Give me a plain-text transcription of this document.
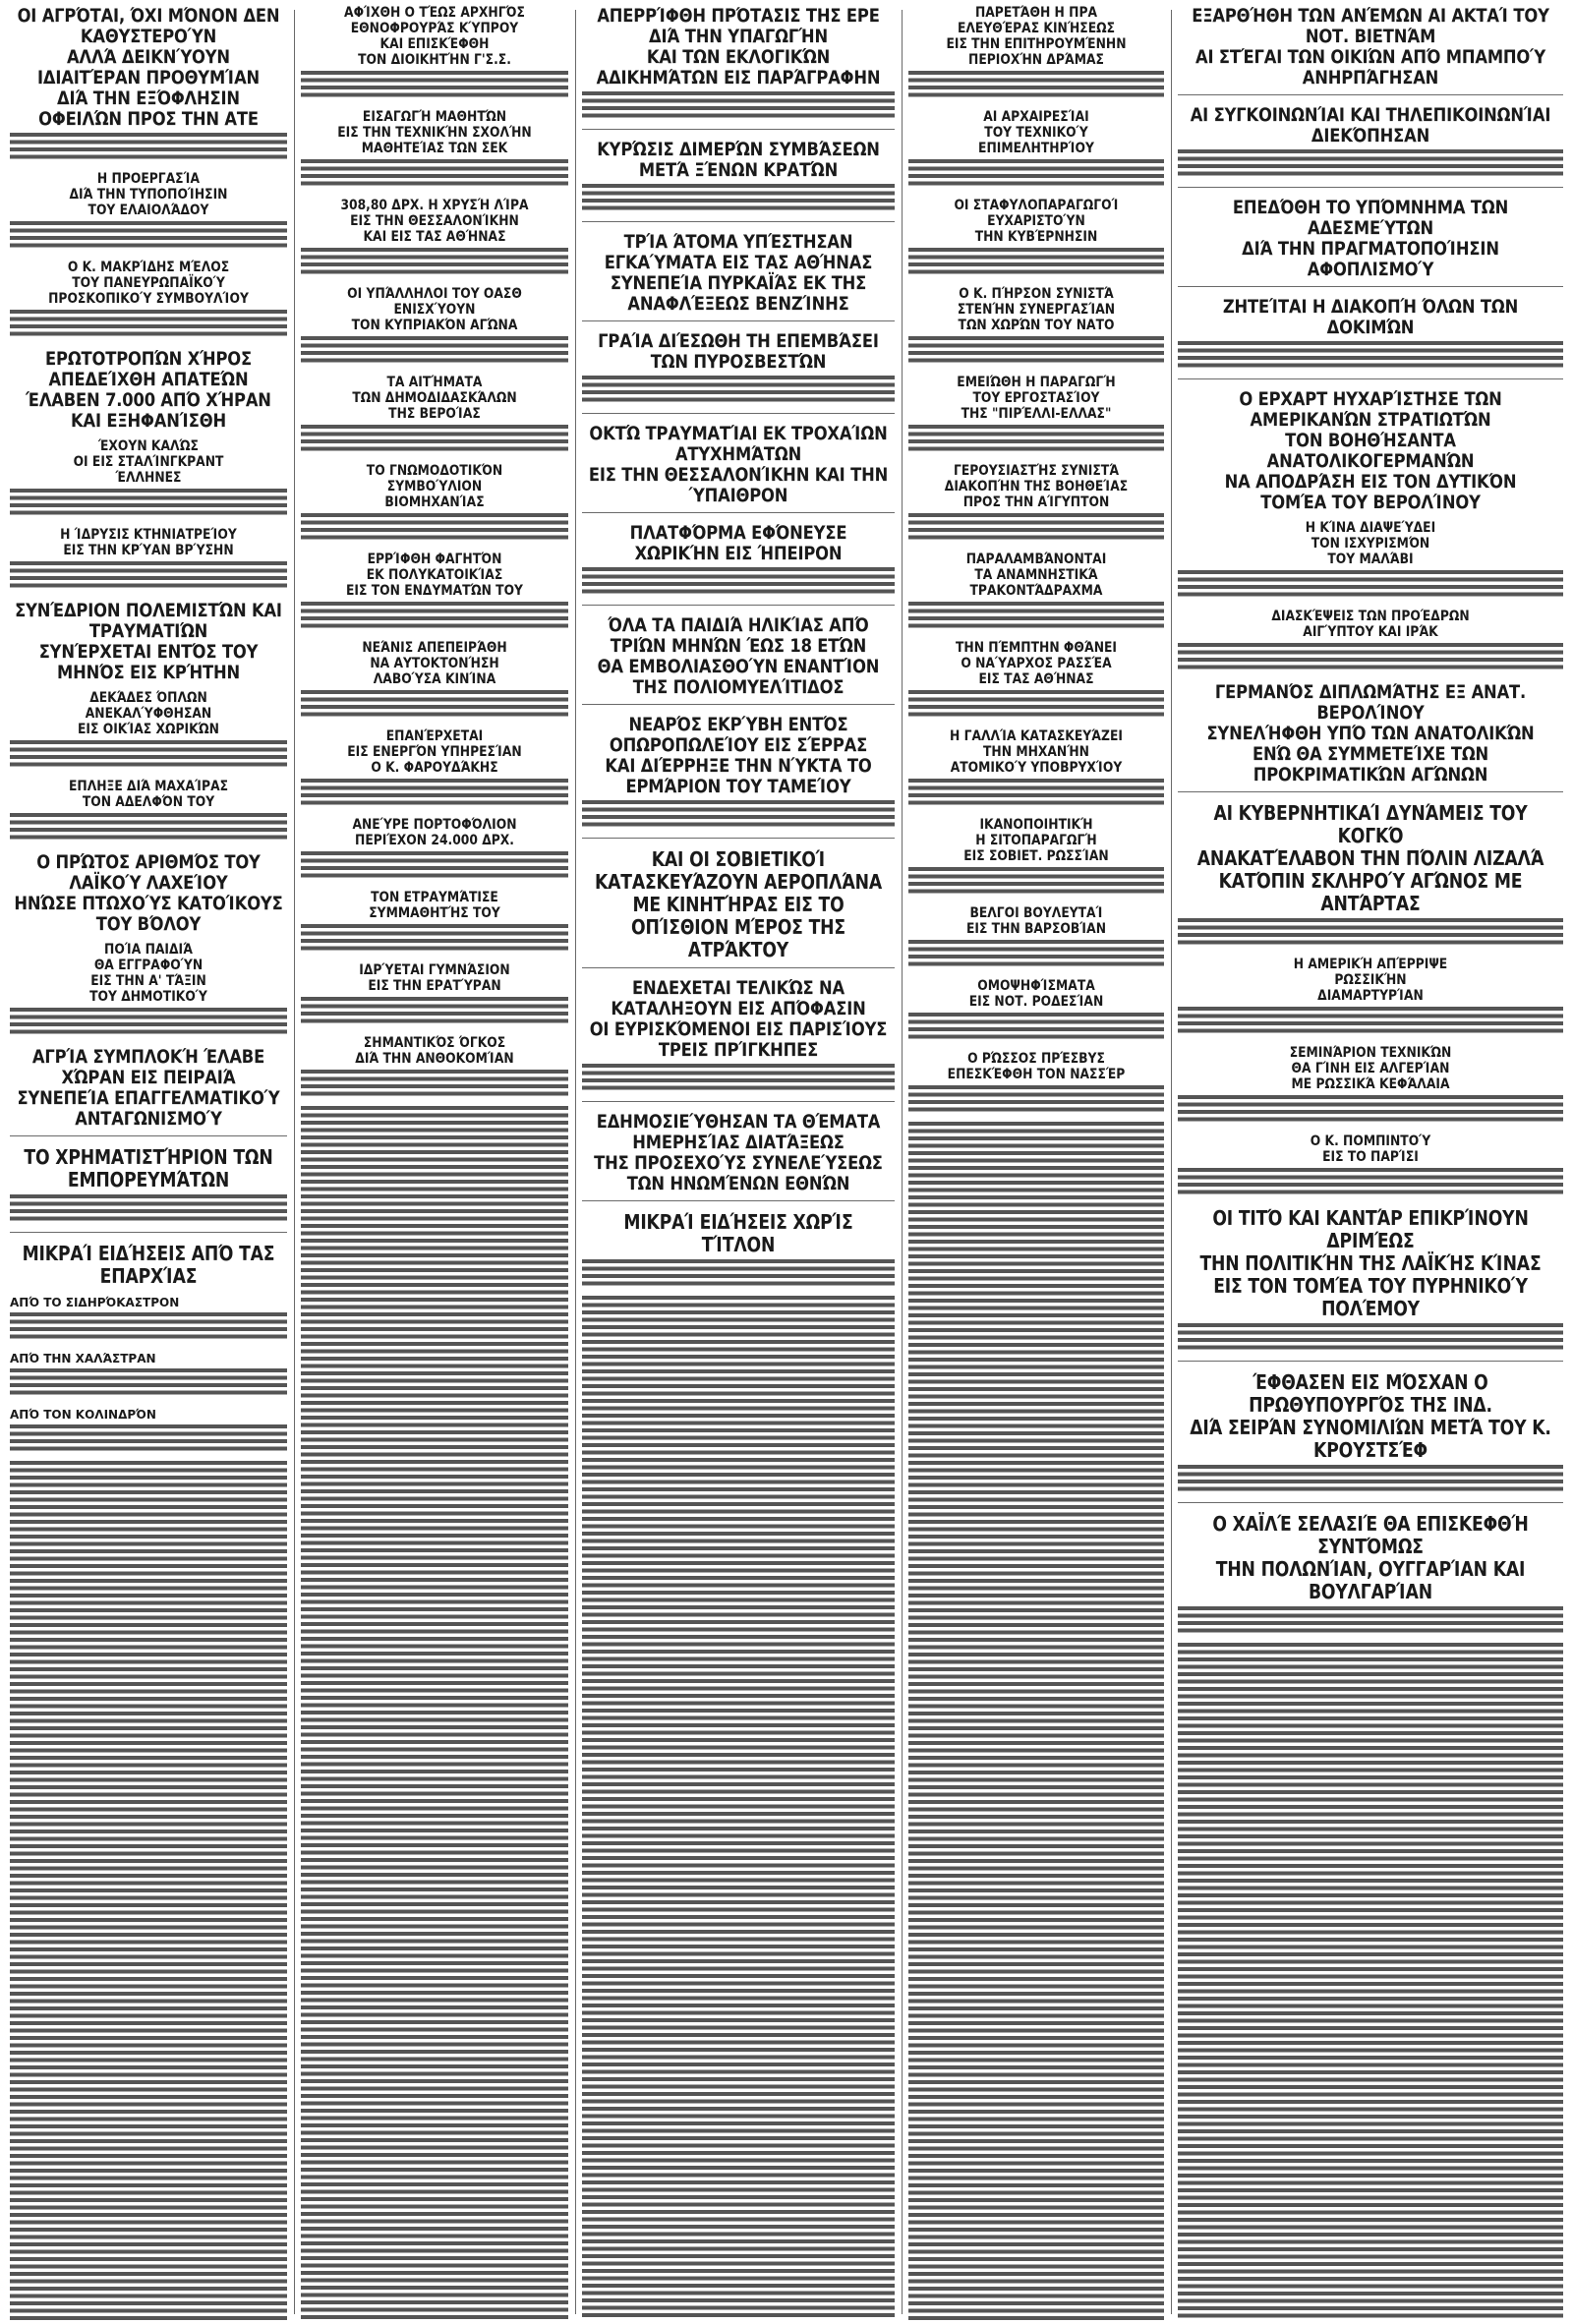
ΟΙ ΑΓΡΌΤΑΙ, ΌΧΙ ΜΌΝΟΝ ΔΕΝ ΚΑΘΥΣΤΕΡΟΎΝ
ΑΛΛΆ ΔΕΙΚΝΎΟΥΝ ΙΔΙΑΙΤΈΡΑΝ ΠΡΟΘΥΜΊΑΝ
ΔΙΆ ΤΗΝ ΕΞΌΦΛΗΣΙΝ ΟΦΕΙΛΏΝ ΠΡΟΣ ΤΗΝ ΑΤΕ
Η ΠΡΟΕΡΓΑΣΊΑ
ΔΙΆ ΤΗΝ ΤΥΠΟΠΟΊΗΣΙΝ
ΤΟΥ ΕΛΑΙΟΛΆΔΟΥ
Ο Κ. ΜΑΚΡΊΔΗΣ ΜΈΛΟΣ
ΤΟΥ ΠΑΝΕΥΡΩΠΑΪΚΟΎ
ΠΡΟΣΚΟΠΙΚΟΎ ΣΥΜΒΟΥΛΊΟΥ
ΕΡΩΤΟΤΡΟΠΏΝ ΧΉΡΟΣ ΑΠΕΔΕΊΧΘΗ ΑΠΑΤΕΏΝ
ΈΛΑΒΕΝ 7.000 ΑΠΌ ΧΉΡΑΝ ΚΑΙ ΕΞΗΦΑΝΊΣΘΗ
ΈΧΟΥΝ ΚΑΛΏΣ
ΟΙ ΕΙΣ ΣΤΑΛΊΝΓΚΡΑΝΤ
ΈΛΛΗΝΕΣ
Η ΊΔΡΥΣΙΣ ΚΤΗΝΙΑΤΡΕΊΟΥ
ΕΙΣ ΤΗΝ ΚΡΎΑΝ ΒΡΎΣΗΝ
ΣΥΝΈΔΡΙΟΝ ΠΟΛΕΜΙΣΤΏΝ ΚΑΙ ΤΡΑΥΜΑΤΙΏΝ
ΣΥΝΈΡΧΕΤΑΙ ΕΝΤΌΣ ΤΟΥ ΜΗΝΌΣ ΕΙΣ ΚΡΉΤΗΝ
ΔΕΚΆΔΕΣ ΌΠΛΩΝ
ΑΝΕΚΑΛΎΦΘΗΣΑΝ
ΕΙΣ ΟΙΚΊΑΣ ΧΩΡΙΚΏΝ
ΕΠΛΗΞΕ ΔΙΆ ΜΑΧΑΊΡΑΣ
ΤΟΝ ΑΔΕΛΦΌΝ ΤΟΥ
Ο ΠΡΏΤΟΣ ΑΡΙΘΜΌΣ ΤΟΥ ΛΑΪΚΟΎ ΛΑΧΕΊΟΥ
ΗΝΏΣΕ ΠΤΩΧΟΎΣ ΚΑΤΟΊΚΟΥΣ ΤΟΥ ΒΌΛΟΥ
ΠΟΊΑ ΠΑΙΔΙΆ
ΘΑ ΕΓΓΡΑΦΟΎΝ
ΕΙΣ ΤΗΝ Α' ΤΆΞΙΝ
ΤΟΥ ΔΗΜΟΤΙΚΟΎ
ΑΓΡΊΑ ΣΥΜΠΛΟΚΉ ΈΛΑΒΕ ΧΏΡΑΝ ΕΙΣ ΠΕΙΡΑΙΆ
ΣΥΝΕΠΕΊΑ ΕΠΑΓΓΕΛΜΑΤΙΚΟΎ ΑΝΤΑΓΩΝΙΣΜΟΎ
ΤΟ ΧΡΗΜΑΤΙΣΤΉΡΙΟΝ ΤΩΝ ΕΜΠΟΡΕΥΜΆΤΩΝ
ΜΙΚΡΑΊ ΕΙΔΉΣΕΙΣ ΑΠΌ ΤΑΣ ΕΠΑΡΧΊΑΣ
ΑΠΌ ΤΟ ΣΙΔΗΡΌΚΑΣΤΡΟΝ
ΑΠΌ ΤΗΝ ΧΑΛΆΣΤΡΑΝ
ΑΠΌ ΤΟΝ ΚΟΛΙΝΔΡΌΝ
ΑΦΊΧΘΗ Ο ΤΈΩΣ ΑΡΧΗΓΌΣ
ΕΘΝΟΦΡΟΥΡΆΣ ΚΎΠΡΟΥ
ΚΑΙ ΕΠΙΣΚΈΦΘΗ
ΤΟΝ ΔΙΟΙΚΗΤΉΝ Γ'Σ.Σ.
ΕΙΣΑΓΩΓΉ ΜΑΘΗΤΏΝ
ΕΙΣ ΤΗΝ ΤΕΧΝΙΚΉΝ ΣΧΟΛΉΝ
ΜΑΘΗΤΕΊΑΣ ΤΩΝ ΣΕΚ
308,80 ΔΡΧ. Η ΧΡΥΣΉ ΛΊΡΑ
ΕΙΣ ΤΗΝ ΘΕΣΣΑΛΟΝΊΚΗΝ
ΚΑΙ ΕΙΣ ΤΑΣ ΑΘΉΝΑΣ
ΟΙ ΥΠΆΛΛΗΛΟΙ ΤΟΥ ΟΑΣΘ
ΕΝΙΣΧΎΟΥΝ
ΤΟΝ ΚΥΠΡΙΑΚΌΝ ΑΓΏΝΑ
ΤΑ ΑΙΤΉΜΑΤΑ
ΤΩΝ ΔΗΜΟΔΙΔΑΣΚΆΛΩΝ
ΤΗΣ ΒΕΡΟΊΑΣ
ΤΟ ΓΝΩΜΟΔΟΤΙΚΌΝ
ΣΥΜΒΟΎΛΙΟΝ
ΒΙΟΜΗΧΑΝΊΑΣ
ΕΡΡΊΦΘΗ ΦΑΓΗΤΌΝ
ΕΚ ΠΟΛΥΚΑΤΟΙΚΊΑΣ
ΕΙΣ ΤΟΝ ΕΝΔΥΜΑΤΏΝ ΤΟΥ
ΝΕΆΝΙΣ ΑΠΕΠΕΙΡΆΘΗ
ΝΑ ΑΥΤΟΚΤΟΝΉΣΗ
ΛΑΒΟΎΣΑ ΚΙΝΊΝΑ
ΕΠΑΝΈΡΧΕΤΑΙ
ΕΙΣ ΕΝΕΡΓΌΝ ΥΠΗΡΕΣΊΑΝ
Ο Κ. ΦΑΡΟΥΔΆΚΗΣ
ΑΝΕΎΡΕ ΠΟΡΤΟΦΌΛΙΟΝ
ΠΕΡΙΈΧΟΝ 24.000 ΔΡΧ.
ΤΟΝ ΕΤΡΑΥΜΆΤΙΣΕ
ΣΥΜΜΑΘΗΤΉΣ ΤΟΥ
ΙΔΡΎΕΤΑΙ ΓΥΜΝΆΣΙΟΝ
ΕΙΣ ΤΗΝ ΕΡΑΤΎΡΑΝ
ΣΗΜΑΝΤΙΚΌΣ ΌΓΚΟΣ
ΔΙΆ ΤΗΝ ΑΝΘΟΚΟΜΊΑΝ
ΑΠΕΡΡΊΦΘΗ ΠΡΌΤΑΣΙΣ ΤΗΣ ΕΡΕ ΔΙΆ ΤΗΝ ΥΠΑΓΩΓΉΝ
ΚΑΙ ΤΩΝ ΕΚΛΟΓΙΚΏΝ ΑΔΙΚΗΜΆΤΩΝ ΕΙΣ ΠΑΡΆΓΡΑΦΗΝ
ΚΥΡΏΣΙΣ ΔΙΜΕΡΏΝ ΣΥΜΒΆΣΕΩΝ ΜΕΤΆ ΞΈΝΩΝ ΚΡΑΤΏΝ
ΤΡΊΑ ΆΤΟΜΑ ΥΠΈΣΤΗΣΑΝ ΕΓΚΑΎΜΑΤΑ ΕΙΣ ΤΑΣ ΑΘΉΝΑΣ
ΣΥΝΕΠΕΊΑ ΠΥΡΚΑΪΆΣ ΕΚ ΤΗΣ ΑΝΑΦΛΈΞΕΩΣ ΒΕΝΖΊΝΗΣ
ΓΡΑΊΑ ΔΙΈΣΩΘΗ ΤΗ ΕΠΕΜΒΆΣΕΙ ΤΩΝ ΠΥΡΟΣΒΕΣΤΏΝ
ΟΚΤΏ ΤΡΑΥΜΑΤΊΑΙ ΕΚ ΤΡΟΧΑΊΩΝ ΑΤΥΧΗΜΆΤΩΝ
ΕΙΣ ΤΗΝ ΘΕΣΣΑΛΟΝΊΚΗΝ ΚΑΙ ΤΗΝ ΎΠΑΙΘΡΟΝ
ΠΛΑΤΦΌΡΜΑ ΕΦΌΝΕΥΣΕ ΧΩΡΙΚΉΝ ΕΙΣ ΉΠΕΙΡΟΝ
ΌΛΑ ΤΑ ΠΑΙΔΙΆ ΗΛΙΚΊΑΣ ΑΠΌ ΤΡΙΏΝ ΜΗΝΏΝ ΈΩΣ 18 ΕΤΏΝ
ΘΑ ΕΜΒΟΛΙΑΣΘΟΎΝ ΕΝΑΝΤΊΟΝ ΤΗΣ ΠΟΛΙΟΜΥΕΛΊΤΙΔΟΣ
ΝΕΑΡΌΣ ΕΚΡΎΒΗ ΕΝΤΌΣ ΟΠΩΡΟΠΩΛΕΊΟΥ ΕΙΣ ΣΈΡΡΑΣ
ΚΑΙ ΔΙΈΡΡΗΞΕ ΤΗΝ ΝΎΚΤΑ ΤΟ ΕΡΜΆΡΙΟΝ ΤΟΥ ΤΑΜΕΊΟΥ
ΚΑΙ ΟΙ ΣΟΒΙΕΤΙΚΟΊ ΚΑΤΑΣΚΕΥΆΖΟΥΝ ΑΕΡΟΠΛΆΝΑ
ΜΕ ΚΙΝΗΤΉΡΑΣ ΕΙΣ ΤΟ ΟΠΊΣΘΙΟΝ ΜΈΡΟΣ ΤΗΣ ΑΤΡΆΚΤΟΥ
ΕΝΔΕΧΕΤΑΙ ΤΕΛΙΚΏΣ ΝΑ ΚΑΤΑΛΗΞΟΥΝ ΕΙΣ ΑΠΌΦΑΣΙΝ
ΟΙ ΕΥΡΙΣΚΌΜΕΝΟΙ ΕΙΣ ΠΑΡΙΣΊΟΥΣ ΤΡΕΙΣ ΠΡΊΓΚΗΠΕΣ
ΕΔΗΜΟΣΙΕΎΘΗΣΑΝ ΤΑ ΘΈΜΑΤΑ ΗΜΕΡΗΣΊΑΣ ΔΙΑΤΆΞΕΩΣ
ΤΗΣ ΠΡΟΣΕΧΟΎΣ ΣΥΝΕΛΕΎΣΕΩΣ ΤΩΝ ΗΝΩΜΈΝΩΝ ΕΘΝΏΝ
ΜΙΚΡΑΊ ΕΙΔΉΣΕΙΣ ΧΩΡΊΣ ΤΊΤΛΟΝ
ΠΑΡΕΤΆΘΗ Η ΠΡΑ
ΕΛΕΥΘΈΡΑΣ ΚΙΝΉΣΕΩΣ
ΕΙΣ ΤΗΝ ΕΠΙΤΗΡΟΥΜΈΝΗΝ
ΠΕΡΙΟΧΉΝ ΔΡΆΜΑΣ
ΑΙ ΑΡΧΑΙΡΕΣΊΑΙ
ΤΟΥ ΤΕΧΝΙΚΟΎ
ΕΠΙΜΕΛΗΤΗΡΊΟΥ
ΟΙ ΣΤΑΦΥΛΟΠΑΡΑΓΩΓΟΊ
ΕΥΧΑΡΙΣΤΟΎΝ
ΤΗΝ ΚΥΒΈΡΝΗΣΙΝ
Ο Κ. ΠΉΡΣΟΝ ΣΥΝΙΣΤΆ
ΣΤΕΝΉΝ ΣΥΝΕΡΓΑΣΊΑΝ
ΤΩΝ ΧΩΡΏΝ ΤΟΥ ΝΑΤΟ
ΕΜΕΙΏΘΗ Η ΠΑΡΑΓΩΓΉ
ΤΟΥ ΕΡΓΟΣΤΑΣΊΟΥ
ΤΗΣ "ΠΙΡΈΛΛΙ-ΕΛΛΑΣ"
ΓΕΡΟΥΣΙΑΣΤΉΣ ΣΥΝΙΣΤΆ
ΔΙΑΚΟΠΉΝ ΤΗΣ ΒΟΗΘΕΊΑΣ
ΠΡΟΣ ΤΗΝ ΑΊΓΥΠΤΟΝ
ΠΑΡΑΛΑΜΒΆΝΟΝΤΑΙ
ΤΑ ΑΝΑΜΝΗΣΤΙΚΆ
ΤΡΑΚΟΝΤΆΔΡΑΧΜΑ
ΤΗΝ ΠΈΜΠΤΗΝ ΦΘΆΝΕΙ
Ο ΝΑΎΑΡΧΟΣ ΡΑΣΣΈΑ
ΕΙΣ ΤΑΣ ΑΘΉΝΑΣ
Η ΓΑΛΛΊΑ ΚΑΤΑΣΚΕΥΆΖΕΙ
ΤΗΝ ΜΗΧΑΝΉΝ
ΑΤΟΜΙΚΟΎ ΥΠΟΒΡΥΧΊΟΥ
ΙΚΑΝΟΠΟΙΗΤΙΚΉ
Η ΣΙΤΟΠΑΡΑΓΩΓΉ
ΕΙΣ ΣΟΒΙΕΤ. ΡΩΣΣΊΑΝ
ΒΕΛΓΟΙ ΒΟΥΛΕΥΤΑΊ
ΕΙΣ ΤΗΝ ΒΑΡΣΟΒΊΑΝ
ΟΜΟΨΗΦΊΣΜΑΤΑ
ΕΙΣ ΝΟΤ. ΡΟΔΕΣΊΑΝ
Ο ΡΏΣΣΟΣ ΠΡΈΣΒΥΣ
ΕΠΕΣΚΈΦΘΗ ΤΟΝ ΝΑΣΣΈΡ
ΕΞΑΡΘΉΘΗ ΤΩΝ ΑΝΈΜΩΝ ΑΙ ΑΚΤΑΊ ΤΟΥ ΝΟΤ. ΒΙΕΤΝΆΜ
ΑΙ ΣΤΈΓΑΙ ΤΩΝ ΟΙΚΙΏΝ ΑΠΌ ΜΠΑΜΠΟΎ ΑΝΗΡΠΆΓΗΣΑΝ
ΑΙ ΣΥΓΚΟΙΝΩΝΊΑΙ ΚΑΙ ΤΗΛΕΠΙΚΟΙΝΩΝΊΑΙ ΔΙΕΚΌΠΗΣΑΝ
ΕΠΕΔΌΘΗ ΤΟ ΥΠΌΜΝΗΜΑ ΤΩΝ ΑΔΕΣΜΕΎΤΩΝ
ΔΙΆ ΤΗΝ ΠΡΑΓΜΑΤΟΠΟΊΗΣΙΝ ΑΦΟΠΛΙΣΜΟΎ
ΖΗΤΕΊΤΑΙ Η ΔΙΑΚΟΠΉ ΌΛΩΝ ΤΩΝ ΔΟΚΙΜΏΝ
Ο ΕΡΧΑΡΤ ΗΥΧΑΡΊΣΤΗΣΕ ΤΩΝ ΑΜΕΡΙΚΑΝΏΝ ΣΤΡΑΤΙΩΤΏΝ
ΤΟΝ ΒΟΗΘΉΣΑΝΤΑ ΑΝΑΤΟΛΙΚΟΓΕΡΜΑΝΏΝ
ΝΑ ΑΠΟΔΡΆΣΗ ΕΙΣ ΤΟΝ ΔΥΤΙΚΌΝ ΤΟΜΈΑ ΤΟΥ ΒΕΡΟΛΊΝΟΥ
Η ΚΊΝΑ ΔΙΑΨΕΎΔΕΙ
ΤΟΝ ΙΣΧΥΡΙΣΜΌΝ
ΤΟΥ ΜΑΛΆΒΙ
ΔΙΑΣΚΈΨΕΙΣ ΤΩΝ ΠΡΟΈΔΡΩΝ
ΑΙΓΎΠΤΟΥ ΚΑΙ ΙΡΆΚ
ΓΕΡΜΑΝΌΣ ΔΙΠΛΩΜΆΤΗΣ ΕΞ ΑΝΑΤ. ΒΕΡΟΛΊΝΟΥ
ΣΥΝΕΛΉΦΘΗ ΥΠΌ ΤΩΝ ΑΝΑΤΟΛΙΚΏΝ
ΕΝΏ ΘΑ ΣΥΜΜΕΤΕΊΧΕ ΤΩΝ ΠΡΟΚΡΙΜΑΤΙΚΏΝ ΑΓΏΝΩΝ
ΑΙ ΚΥΒΕΡΝΗΤΙΚΑΊ ΔΥΝΆΜΕΙΣ ΤΟΥ ΚΟΓΚΌ
ΑΝΑΚΑΤΈΛΑΒΟΝ ΤΗΝ ΠΌΛΙΝ ΛΙΖΑΛΆ
ΚΑΤΌΠΙΝ ΣΚΛΗΡΟΎ ΑΓΏΝΟΣ ΜΕ ΑΝΤΆΡΤΑΣ
Η ΑΜΕΡΙΚΉ ΑΠΈΡΡΙΨΕ
ΡΩΣΣΙΚΉΝ
ΔΙΑΜΑΡΤΥΡΊΑΝ
ΣΕΜΙΝΆΡΙΟΝ ΤΕΧΝΙΚΏΝ
ΘΑ ΓΊΝΗ ΕΙΣ ΑΛΓΕΡΊΑΝ
ΜΕ ΡΩΣΣΙΚΆ ΚΕΦΆΛΑΙΑ
Ο Κ. ΠΟΜΠΙΝΤΟΎ
ΕΙΣ ΤΟ ΠΑΡΊΣΙ
ΟΙ ΤΙΤΌ ΚΑΙ ΚΑΝΤΆΡ ΕΠΙΚΡΊΝΟΥΝ ΔΡΙΜΈΩΣ
ΤΗΝ ΠΟΛΙΤΙΚΉΝ ΤΗΣ ΛΑΪΚΉΣ ΚΊΝΑΣ
ΕΙΣ ΤΟΝ ΤΟΜΈΑ ΤΟΥ ΠΥΡΗΝΙΚΟΎ ΠΟΛΈΜΟΥ
ΈΦΘΑΣΕΝ ΕΙΣ ΜΌΣΧΑΝ Ο ΠΡΩΘΥΠΟΥΡΓΌΣ ΤΗΣ ΙΝΔ.
ΔΙΆ ΣΕΙΡΆΝ ΣΥΝΟΜΙΛΙΏΝ ΜΕΤΆ ΤΟΥ Κ. ΚΡΟΥΣΤΣΈΦ
Ο ΧΑΪΛΈ ΣΕΛΑΣΙΈ ΘΑ ΕΠΙΣΚΕΦΘΉ ΣΥΝΤΌΜΩΣ
ΤΗΝ ΠΟΛΩΝΊΑΝ, ΟΥΓΓΑΡΊΑΝ ΚΑΙ ΒΟΥΛΓΑΡΊΑΝ
